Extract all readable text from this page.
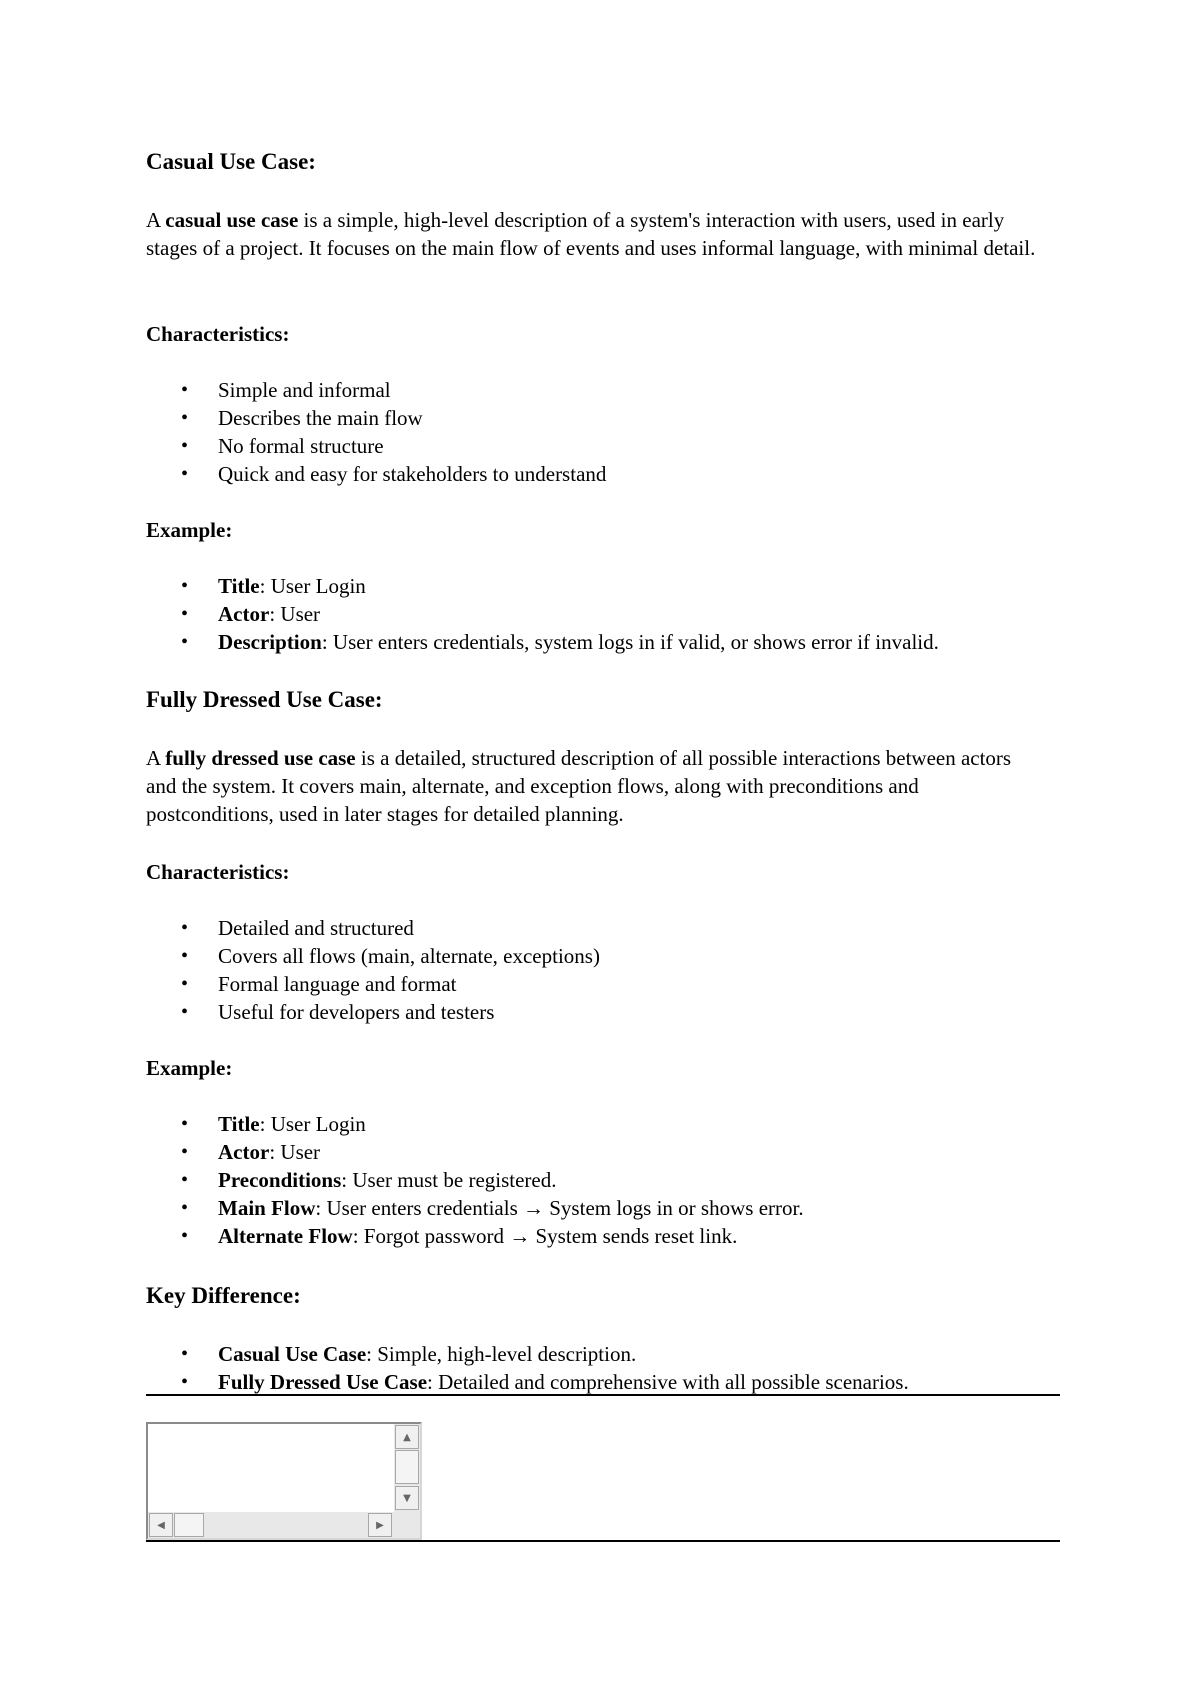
Casual Use Case:

A casual use case is a simple, high-level description of a system's interaction with users, used in early stages of a project. It focuses on the main flow of events and uses informal language, with minimal detail.

Characteristics:
• Simple and informal
• Describes the main flow
• No formal structure
• Quick and easy for stakeholders to understand
Example:
• Title: User Login
• Actor: User
• Description: User enters credentials, system logs in if valid, or shows error if invalid.
Fully Dressed Use Case:

A fully dressed use case is a detailed, structured description of all possible interactions between actors and the system. It covers main, alternate, and exception flows, along with preconditions and postconditions, used in later stages for detailed planning.

Characteristics:
• Detailed and structured
• Covers all flows (main, alternate, exceptions)
• Formal language and format
• Useful for developers and testers
Example:
• Title: User Login
• Actor: User
• Preconditions: User must be registered.
• Main Flow: User enters credentials → System logs in or shows error.
• Alternate Flow: Forgot password → System sends reset link.
Key Difference:
• Casual Use Case: Simple, high-level description.
• Fully Dressed Use Case: Detailed and comprehensive with all possible scenarios.
▲
▼
◀	▶
